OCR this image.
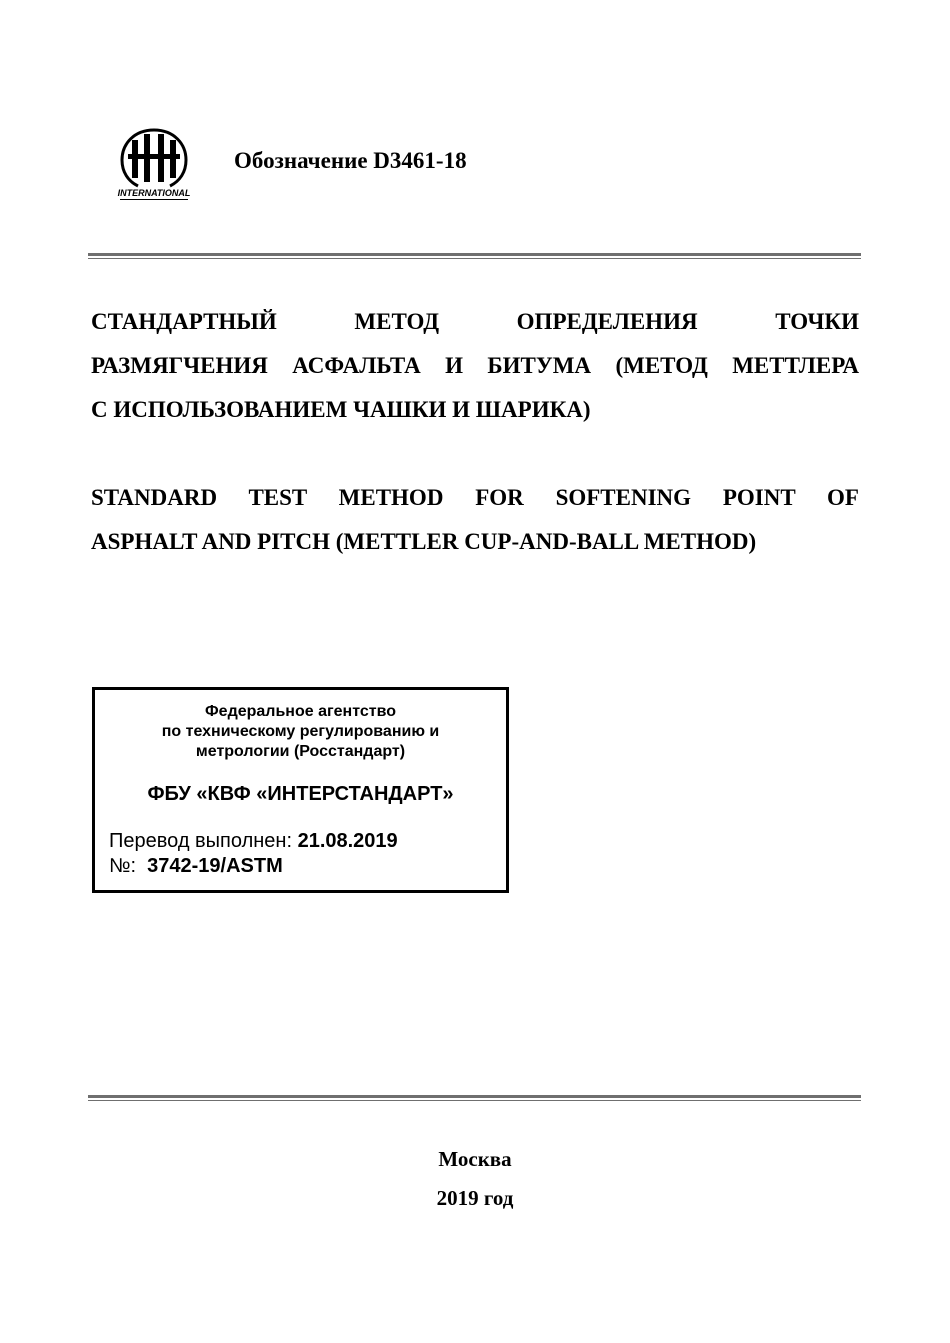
INTERNATIONAL
Обозначение D3461-18
СТАНДАРТНЫЙ МЕТОД ОПРЕДЕЛЕНИЯ ТОЧКИ
РАЗМЯГЧЕНИЯ АСФАЛЬТА И БИТУМА (МЕТОД МЕТТЛЕРА
С ИСПОЛЬЗОВАНИЕМ ЧАШКИ И ШАРИКА)
STANDARD TEST METHOD FOR SOFTENING POINT OF
ASPHALT AND PITCH (METTLER CUP-AND-BALL METHOD)
Федеральное агентство
по техническому регулированию и
метрологии (Росстандарт)
ФБУ «КВФ «ИНТЕРСТАНДАРТ»
Перевод выполнен: 21.08.2019
№: 3742-19/ASTM
Москва
2019 год
